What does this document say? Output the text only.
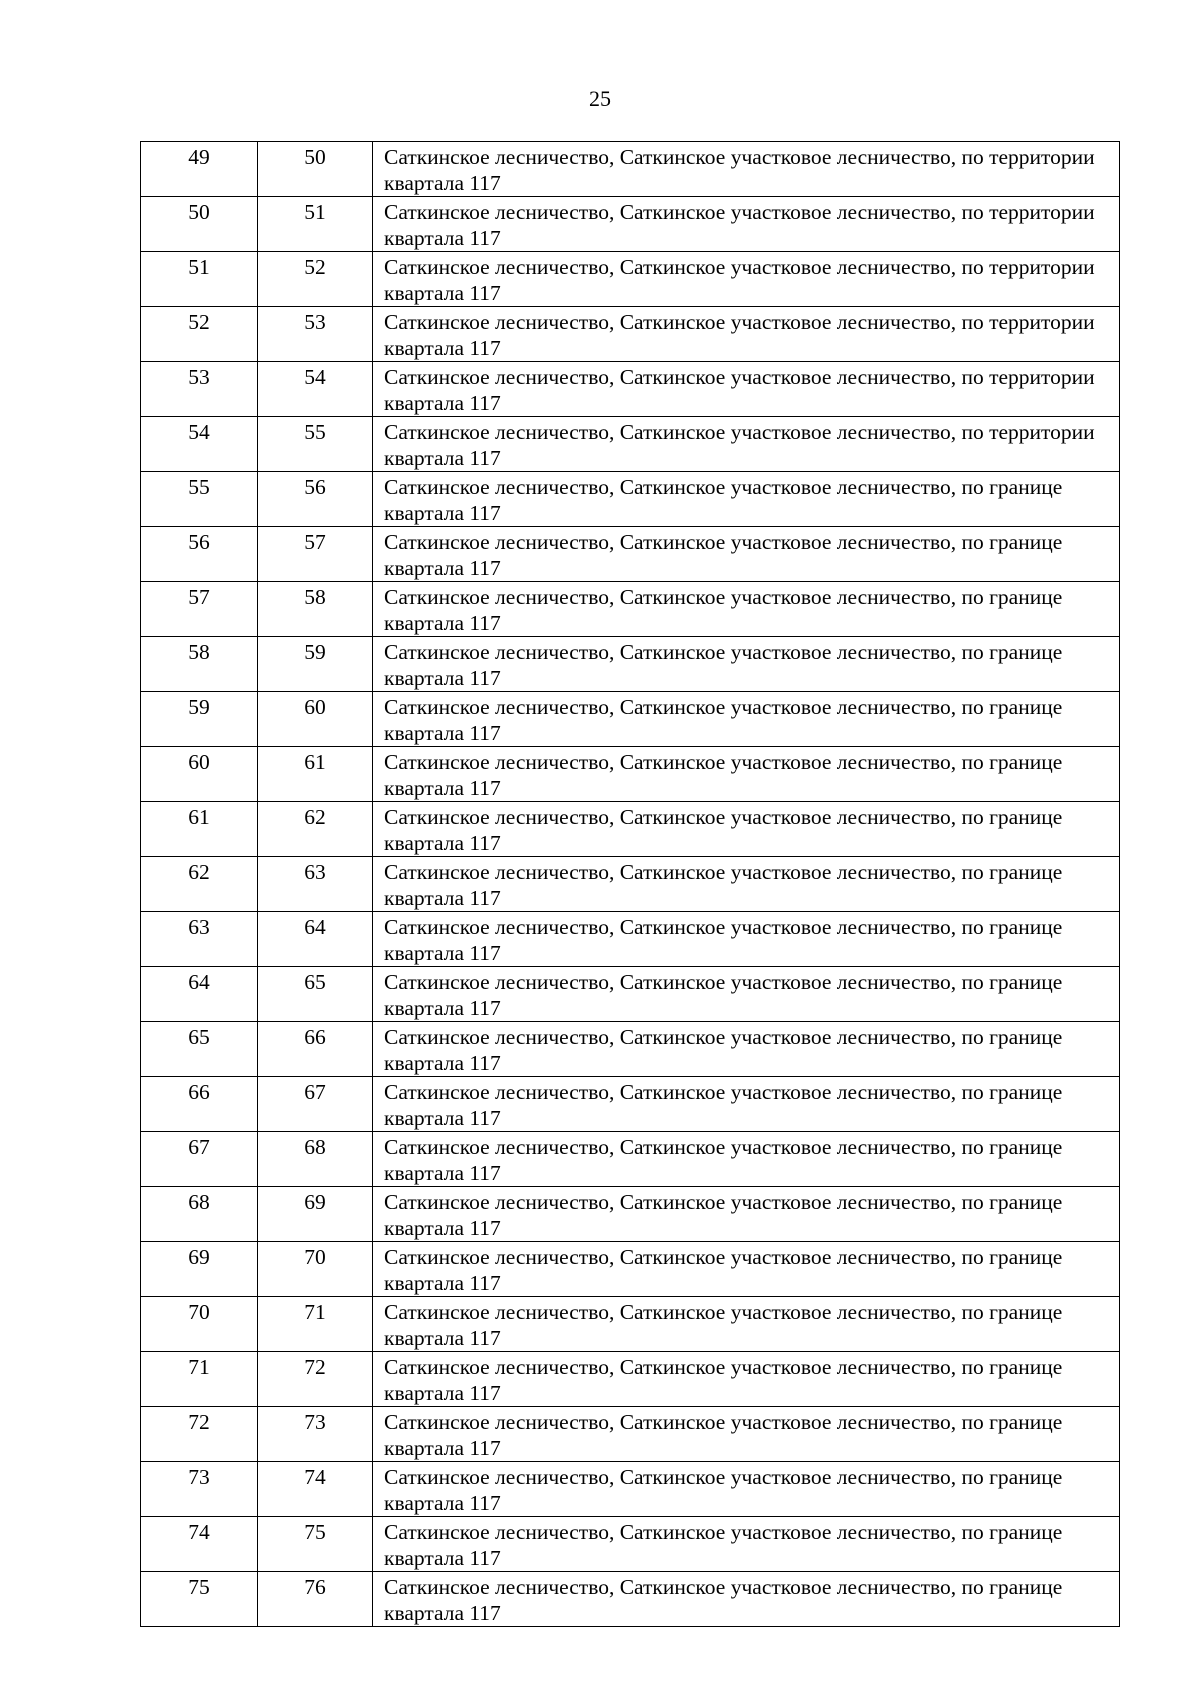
25
49	50	Саткинское лесничество, Саткинское участковое лесничество, по территории квартала 117
50	51	Саткинское лесничество, Саткинское участковое лесничество, по территории квартала 117
51	52	Саткинское лесничество, Саткинское участковое лесничество, по территории квартала 117
52	53	Саткинское лесничество, Саткинское участковое лесничество, по территории квартала 117
53	54	Саткинское лесничество, Саткинское участковое лесничество, по территории квартала 117
54	55	Саткинское лесничество, Саткинское участковое лесничество, по территории квартала 117
55	56	Саткинское лесничество, Саткинское участковое лесничество, по границе квартала 117
56	57	Саткинское лесничество, Саткинское участковое лесничество, по границе квартала 117
57	58	Саткинское лесничество, Саткинское участковое лесничество, по границе квартала 117
58	59	Саткинское лесничество, Саткинское участковое лесничество, по границе квартала 117
59	60	Саткинское лесничество, Саткинское участковое лесничество, по границе квартала 117
60	61	Саткинское лесничество, Саткинское участковое лесничество, по границе квартала 117
61	62	Саткинское лесничество, Саткинское участковое лесничество, по границе квартала 117
62	63	Саткинское лесничество, Саткинское участковое лесничество, по границе квартала 117
63	64	Саткинское лесничество, Саткинское участковое лесничество, по границе квартала 117
64	65	Саткинское лесничество, Саткинское участковое лесничество, по границе квартала 117
65	66	Саткинское лесничество, Саткинское участковое лесничество, по границе квартала 117
66	67	Саткинское лесничество, Саткинское участковое лесничество, по границе квартала 117
67	68	Саткинское лесничество, Саткинское участковое лесничество, по границе квартала 117
68	69	Саткинское лесничество, Саткинское участковое лесничество, по границе квартала 117
69	70	Саткинское лесничество, Саткинское участковое лесничество, по границе квартала 117
70	71	Саткинское лесничество, Саткинское участковое лесничество, по границе квартала 117
71	72	Саткинское лесничество, Саткинское участковое лесничество, по границе квартала 117
72	73	Саткинское лесничество, Саткинское участковое лесничество, по границе квартала 117
73	74	Саткинское лесничество, Саткинское участковое лесничество, по границе квартала 117
74	75	Саткинское лесничество, Саткинское участковое лесничество, по границе квартала 117
75	76	Саткинское лесничество, Саткинское участковое лесничество, по границе квартала 117
